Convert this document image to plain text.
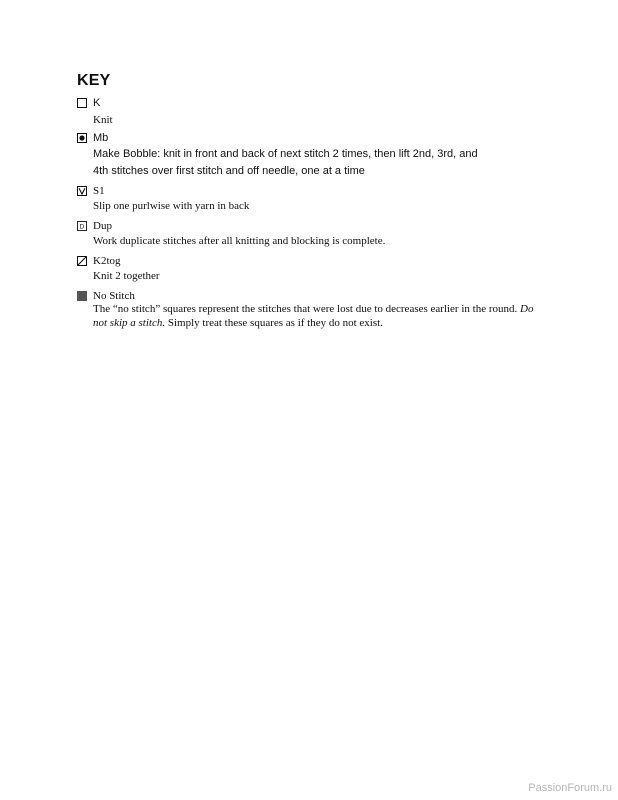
KEY
K
Knit
Mb
Make Bobble: knit in front and back of next stitch 2 times, then lift 2nd, 3rd, and
4th stitches over first stitch and off needle, one at a time
S1
Slip one purlwise with yarn in back
D Dup
Work duplicate stitches after all knitting and blocking is complete.
K2tog
Knit 2 together
No Stitch
The “no stitch” squares represent the stitches that were lost due to decreases earlier in the round. Do not skip a stitch. Simply treat these squares as if they do not exist.
PassionForum.ru
